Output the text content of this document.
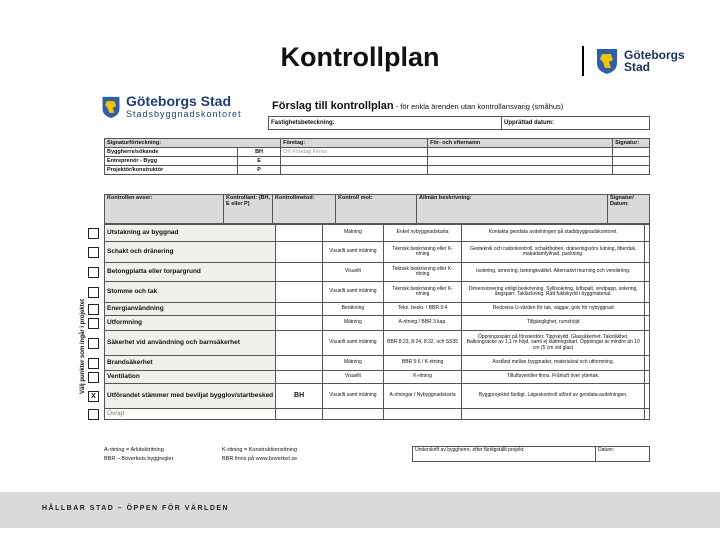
Kontrollplan	Göteborgs
Stad
Göteborgs Stad
Stadsbyggnadskontoret
Förslag till kontrollplan - för enkla ärenden utan kontrollansvarig (småhus)
Fastighetsbeteckning:	Upprättad datum:
Signaturförteckning:		Företag:	För- och efternamn	Signatur:
Byggherre/sökande	BH	Ort Företag Firma		
Entreprenör - Bygg	E			
Projektör/konstruktör	P			
Välj punkter som ingår i projektet
Kontrollen avser:	Kontrollant: (BH, E eller P)	Kontrollmetod:	Kontroll mot:	Allmän beskrivning:	Signatur/ Datum:
Utstakning av byggnad		Mätning	Enkel nybyggnadskarta	Kontakta geodata avdelningen på stadsbyggnadskontoret.	
Schakt och dränering		Visuellt samt mätning	Teknisk beskrivning eller K-ritning	Geoteknik och radonkontroll, schaktbotten, dräneringsrörs lutning, fiberduk, makadamfyllnad, packning.	
Betongplatta eller torpargrund		Visuellt	Teknisk beskrivning eller K-ritning	Isolering, armering, betongkvalitet. Alternativt murning och ventilering.	
Stomme och tak		Visuellt samt mätning	Teknisk beskrivning eller K-ritning	Dimensionering enligt beskrivning. Syllisolering, luftspalt, vindpapp, solering, ångspärr. Takläckning. Rätt fuktskydd i byggmaterial.	
Energianvändning		Beräkning	Tekn. beskr. / BBR 9:4	Redovisa U-värden för tak, väggar, golv för nybyggnad	
Utformning		Mätning	A-ritning / BBR 3 kap.	Tillgänglighet, rumshöjd	
Säkerhet vid användning och barnsäkerhet		Visuellt samt mätning	BBR 8:23, 8:24, 8:32, och SS35	Öppningsspärr på fönsterdörr. Tippskydd. Glassäkerhet. Takstäkhet. Balkongräcke av 1,1 m höjd, samt ej klättringsbart. Öppningar är mindre än 10 cm (5 cm vid glas)	
Brandsäkerhet		Mätning	BBR 5:6 / K-ritning	Avstånd mellan byggnader, materialval och utformning.	
Ventilation		Visuellt	K-ritning	Tilluftsventiler finns. Frånluft över yttertak.	
Utförandet stämmer med beviljat bygglov/startbesked	BH	Visuellt samt mätning	A-ritningar / Nybyggnadskarta	Byggprojektet färdigt. Lägeskontroll utförd av geodata-avdelningen.	
Övrigt					
X
A-ritning = Arkitektritning
BBR – Boverkets byggregler
K-ritning = Konstruktionsritning
BBR finns på www.boverket.se
Underskrift av byggherre, efter färdigställt projekt:	Datum:
HÅLLBAR STAD – ÖPPEN FÖR VÄRLDEN
